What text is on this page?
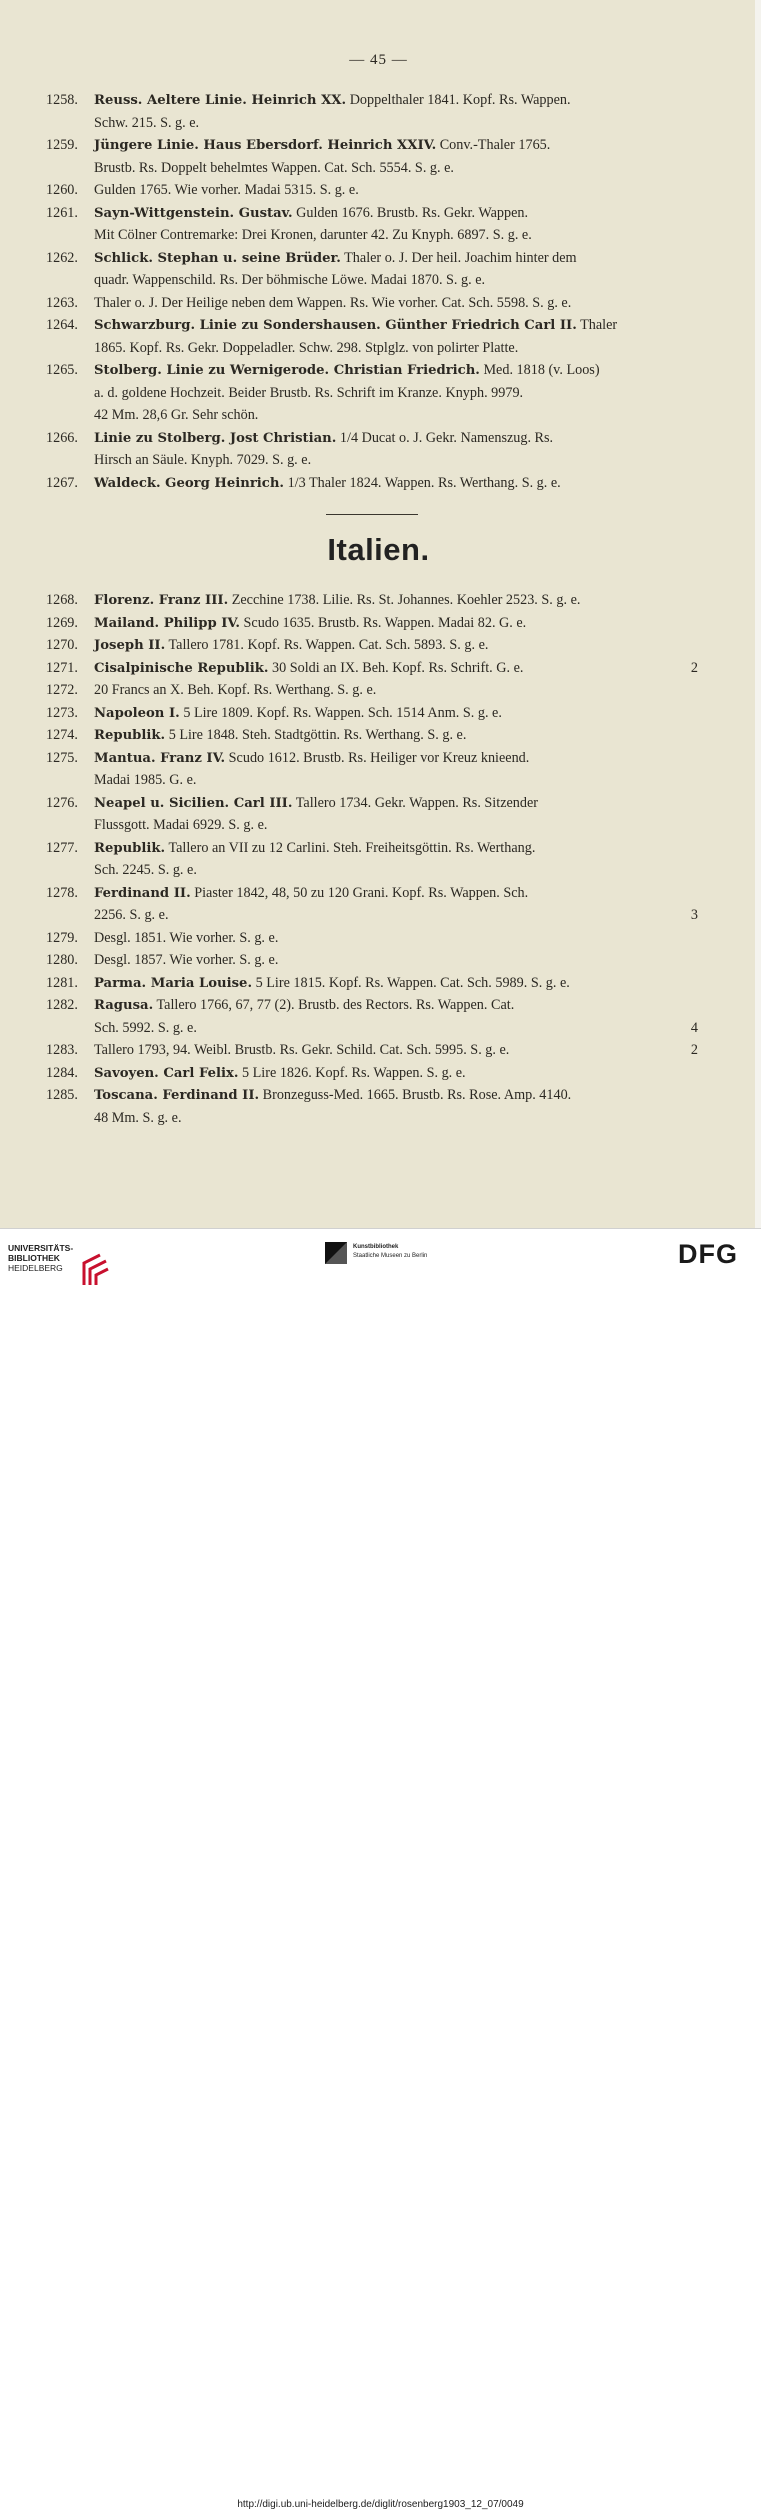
— 45 —
1258. Reuss. Aeltere Linie. Heinrich XX. Doppelthaler 1841. Kopf. Rs. Wappen.
Schw. 215. S. g. e.
1259. Jüngere Linie. Haus Ebersdorf. Heinrich XXIV. Conv.-Thaler 1765.
Brustb. Rs. Doppelt behelmtes Wappen. Cat. Sch. 5554. S. g. e.
1260. Gulden 1765. Wie vorher. Madai 5315. S. g. e.
1261. Sayn-Wittgenstein. Gustav. Gulden 1676. Brustb. Rs. Gekr. Wappen.
Mit Cölner Contremarke: Drei Kronen, darunter 42. Zu Knyph. 6897. S. g. e.
1262. Schlick. Stephan u. seine Brüder. Thaler o. J. Der heil. Joachim hinter dem
quadr. Wappenschild. Rs. Der böhmische Löwe. Madai 1870. S. g. e.
1263. Thaler o. J. Der Heilige neben dem Wappen. Rs. Wie vorher. Cat. Sch. 5598. S. g. e.
1264. Schwarzburg. Linie zu Sondershausen. Günther Friedrich Carl II. Thaler
1865. Kopf. Rs. Gekr. Doppeladler. Schw. 298. Stplglz. von polirter Platte.
1265. Stolberg. Linie zu Wernigerode. Christian Friedrich. Med. 1818 (v. Loos)
a. d. goldene Hochzeit. Beider Brustb. Rs. Schrift im Kranze. Knyph. 9979.
42 Mm. 28,6 Gr. Sehr schön.
1266. Linie zu Stolberg. Jost Christian. 1/4 Ducat o. J. Gekr. Namenszug. Rs.
Hirsch an Säule. Knyph. 7029. S. g. e.
1267. Waldeck. Georg Heinrich. 1/3 Thaler 1824. Wappen. Rs. Werthang. S. g. e.
Italien.
1268. Florenz. Franz III. Zecchine 1738. Lilie. Rs. St. Johannes. Koehler 2523. S. g. e.
1269. Mailand. Philipp IV. Scudo 1635. Brustb. Rs. Wappen. Madai 82. G. e.
1270. Joseph II. Tallero 1781. Kopf. Rs. Wappen. Cat. Sch. 5893. S. g. e.
1271. Cisalpinische Republik. 30 Soldi an IX. Beh. Kopf. Rs. Schrift. G. e.	2
1272. 20 Francs an X. Beh. Kopf. Rs. Werthang. S. g. e.
1273. Napoleon I. 5 Lire 1809. Kopf. Rs. Wappen. Sch. 1514 Anm. S. g. e.
1274. Republik. 5 Lire 1848. Steh. Stadtgöttin. Rs. Werthang. S. g. e.
1275. Mantua. Franz IV. Scudo 1612. Brustb. Rs. Heiliger vor Kreuz knieend.
Madai 1985. G. e.
1276. Neapel u. Sicilien. Carl III. Tallero 1734. Gekr. Wappen. Rs. Sitzender
Flussgott. Madai 6929. S. g. e.
1277. Republik. Tallero an VII zu 12 Carlini. Steh. Freiheitsgöttin. Rs. Werthang.
Sch. 2245. S. g. e.
1278. Ferdinand II. Piaster 1842, 48, 50 zu 120 Grani. Kopf. Rs. Wappen. Sch.
2256. S. g. e.	3
1279. Desgl. 1851. Wie vorher. S. g. e.
1280. Desgl. 1857. Wie vorher. S. g. e.
1281. Parma. Maria Louise. 5 Lire 1815. Kopf. Rs. Wappen. Cat. Sch. 5989. S. g. e.
1282. Ragusa. Tallero 1766, 67, 77 (2). Brustb. des Rectors. Rs. Wappen. Cat.
Sch. 5992. S. g. e.	4
1283. Tallero 1793, 94. Weibl. Brustb. Rs. Gekr. Schild. Cat. Sch. 5995. S. g. e.	2
1284. Savoyen. Carl Felix. 5 Lire 1826. Kopf. Rs. Wappen. S. g. e.
1285. Toscana. Ferdinand II. Bronzeguss-Med. 1665. Brustb. Rs. Rose. Amp. 4140.
48 Mm. S. g. e.
UNIVERSITÄTS-
BIBLIOTHEK
HEIDELBERG
Kunstbibliothek
Staatliche Museen zu Berlin	DFG
http://digi.ub.uni-heidelberg.de/diglit/rosenberg1903_12_07/0049
